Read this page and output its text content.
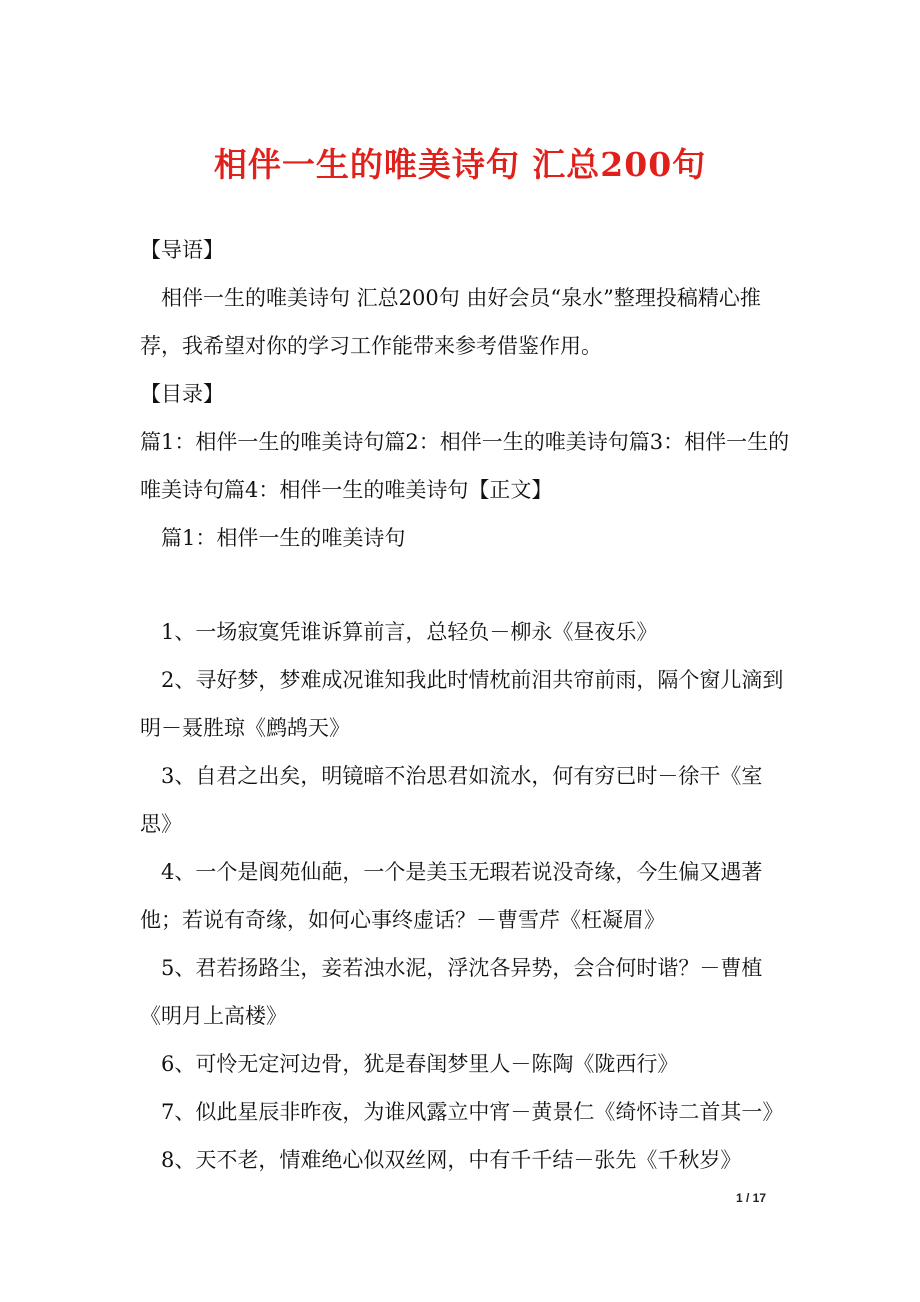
相伴一生的唯美诗句 汇总200句

【导语】

相伴一生的唯美诗句 汇总200句 由好会员“泉水”整理投稿精心推荐，我希望对你的学习工作能带来参考借鉴作用。

【目录】

篇1：相伴一生的唯美诗句篇2：相伴一生的唯美诗句篇3：相伴一生的唯美诗句篇4：相伴一生的唯美诗句【正文】

篇1：相伴一生的唯美诗句

1、一场寂寞凭谁诉算前言，总轻负－柳永《昼夜乐》

2、寻好梦，梦难成况谁知我此时情枕前泪共帘前雨，隔个窗儿滴到明－聂胜琼《鹧鸪天》

3、自君之出矣，明镜暗不治思君如流水，何有穷已时－徐干《室思》

4、一个是阆苑仙葩，一个是美玉无瑕若说没奇缘，今生偏又遇著他；若说有奇缘，如何心事终虚话？－曹雪芹《枉凝眉》

5、君若扬路尘，妾若浊水泥，浮沈各异势，会合何时谐？－曹植《明月上高楼》

6、可怜无定河边骨，犹是春闺梦里人－陈陶《陇西行》

7、似此星辰非昨夜，为谁风露立中宵－黄景仁《绮怀诗二首其一》

8、天不老，情难绝心似双丝网，中有千千结－张先《千秋岁》

1 / 17
